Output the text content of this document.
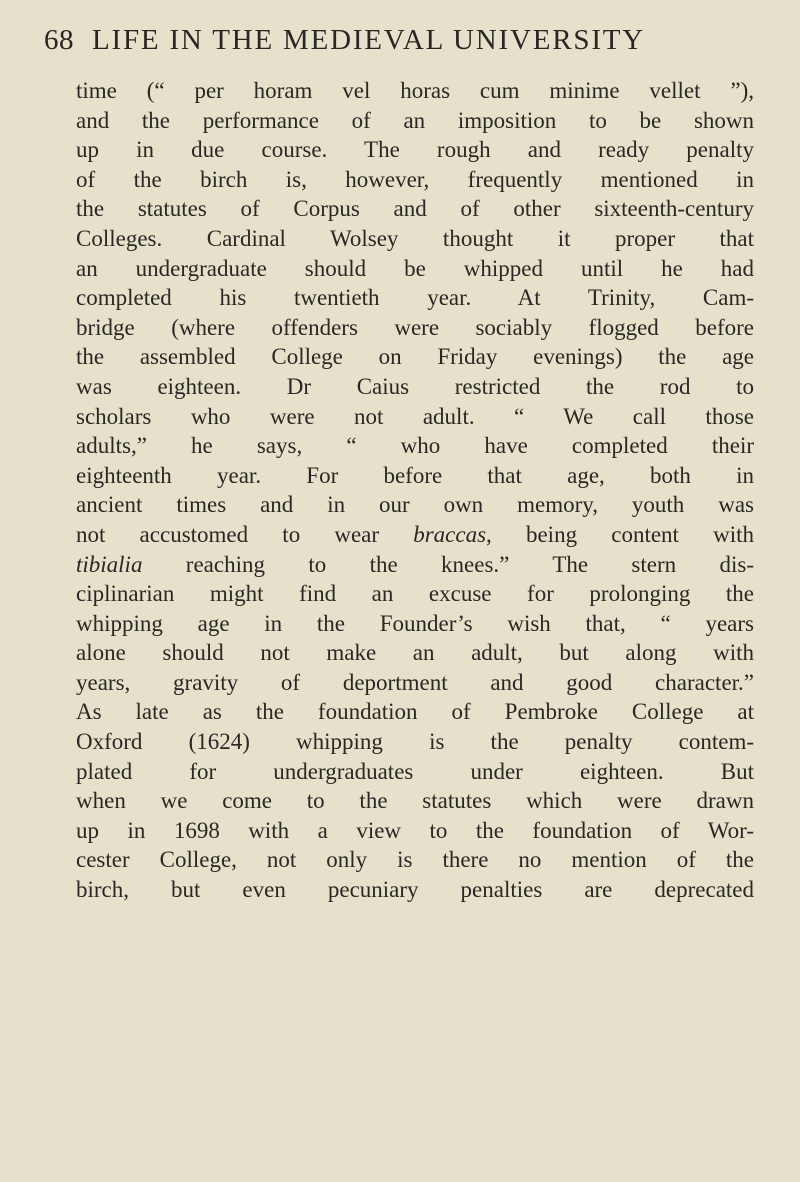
68 LIFE IN THE MEDIEVAL UNIVERSITY
time (“ per horam vel horas cum minime vellet ”),
and the performance of an imposition to be shown
up in due course. The rough and ready penalty
of the birch is, however, frequently mentioned in
the statutes of Corpus and of other sixteenth-century
Colleges. Cardinal Wolsey thought it proper that
an undergraduate should be whipped until he had
completed his twentieth year. At Trinity, Cam-
bridge (where offenders were sociably flogged before
the assembled College on Friday evenings) the age
was eighteen. Dr Caius restricted the rod to
scholars who were not adult. “ We call those
adults,” he says, “ who have completed their
eighteenth year. For before that age, both in
ancient times and in our own memory, youth was
not accustomed to wear braccas, being content with
tibialia reaching to the knees.” The stern dis-
ciplinarian might find an excuse for prolonging the
whipping age in the Founder’s wish that, “ years
alone should not make an adult, but along with
years, gravity of deportment and good character.”
As late as the foundation of Pembroke College at
Oxford (1624) whipping is the penalty contem-
plated for undergraduates under eighteen. But
when we come to the statutes which were drawn
up in 1698 with a view to the foundation of Wor-
cester College, not only is there no mention of the
birch, but even pecuniary penalties are deprecated
